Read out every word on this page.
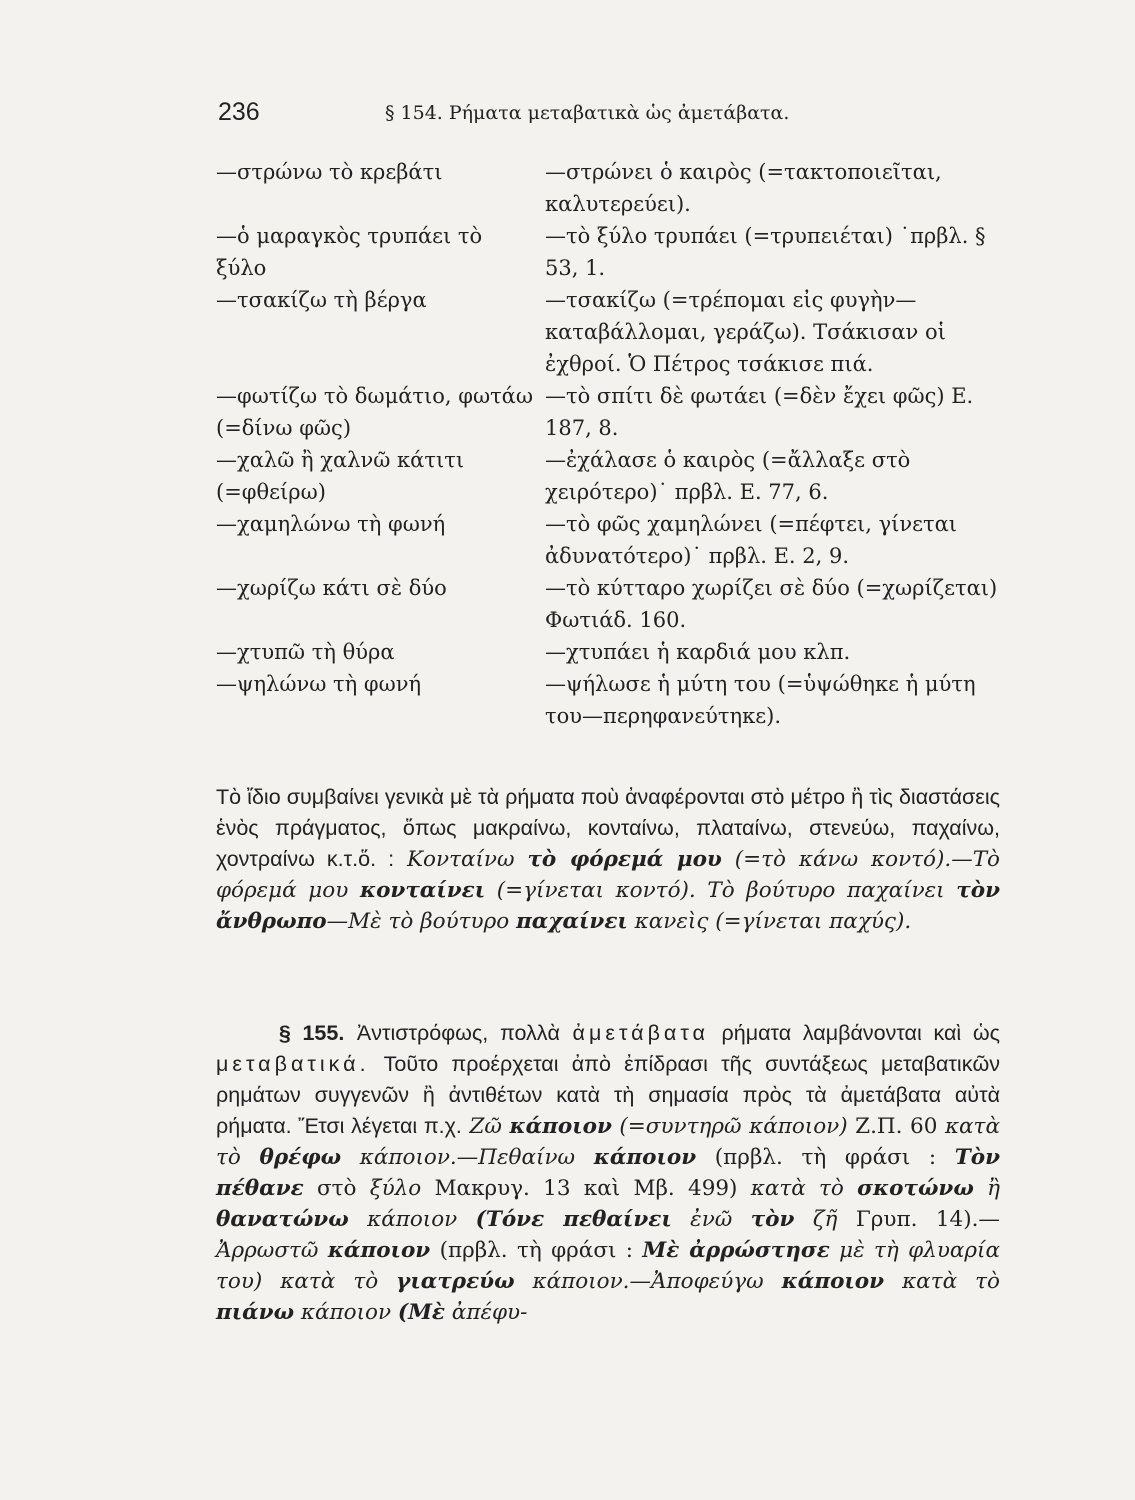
236	§ 154. Ρήματα μεταβατικὰ ὡς ἀμετάβατα.
—στρώνω τὸ κρεβάτι	—στρώνει ὁ καιρὸς (=τακτοποιεῖται, καλυτερεύει).
—ὁ μαραγκὸς τρυπάει τὸ ξύλο	—τὸ ξύλο τρυπάει (=τρυπειέται) ˙πρβλ. § 53, 1.
—τσακίζω τὴ βέργα	—τσακίζω (=τρέπομαι εἰς φυγὴν—καταβάλλομαι, γεράζω). Τσάκισαν οἱ ἐχθροί. Ὁ Πέτρος τσάκισε πιά.
—φωτίζω τὸ δωμάτιο, φωτάω (=δίνω φῶς)	—τὸ σπίτι δὲ φωτάει (=δὲν ἔχει φῶς) Ε. 187, 8.
—χαλῶ ἢ χαλνῶ κάτιτι (=φθείρω)	—ἐχάλασε ὁ καιρὸς (=ἄλλαξε στὸ χειρότερο)˙ πρβλ. Ε. 77, 6.
—χαμηλώνω τὴ φωνή	—τὸ φῶς χαμηλώνει (=πέφτει, γίνεται ἀδυνατότερο)˙ πρβλ. Ε. 2, 9.
—χωρίζω κάτι σὲ δύο	—τὸ κύτταρο χωρίζει σὲ δύο (=χωρίζεται) Φωτιάδ. 160.
—χτυπῶ τὴ θύρα	—χτυπάει ἡ καρδιά μου κλπ.
—ψηλώνω τὴ φωνή	—ψήλωσε ἡ μύτη του (=ὑψώθηκε ἡ μύτη του—περηφανεύτηκε).

Τὸ ἴδιο συμβαίνει γενικὰ μὲ τὰ ρήματα ποὺ ἀναφέρονται στὸ μέτρο ἢ τὶς διαστάσεις ἑνὸς πράγματος, ὅπως μακραίνω, κονταίνω, πλαταίνω, στενεύω, παχαίνω, χοντραίνω κ.τ.ὅ. : Κονταίνω τὸ φόρεμά μου (=τὸ κάνω κοντό).—Τὸ φόρεμά μου κονταίνει (=γίνεται κοντό). Τὸ βούτυρο παχαίνει τὸν ἄνθρωπο—Μὲ τὸ βούτυρο παχαίνει κανεὶς (=γίνεται παχύς).

§ 155. Ἀντιστρόφως, πολλὰ ἀμετάβατα ρήματα λαμβάνονται καὶ ὡς μεταβατικά. Τοῦτο προέρχεται ἀπὸ ἐπίδρασι τῆς συντάξεως μεταβατικῶν ρημάτων συγγενῶν ἢ ἀντιθέτων κατὰ τὴ σημασία πρὸς τὰ ἀμετάβατα αὐτὰ ρήματα. Ἔτσι λέγεται π.χ. Ζῶ κάποιον (=συντηρῶ κάποιον) Ζ.Π. 60 κατὰ τὸ θρέφω κάποιον.—Πεθαίνω κάποιον (πρβλ. τὴ φράσι : Τὸν πέθανε στὸ ξύλο Μακρυγ. 13 καὶ Μβ. 499) κατὰ τὸ σκοτώνω ἢ θανατώνω κάποιον (Τόνε πεθαίνει ἐνῶ τὸν ζῆ Γρυπ. 14).—Ἀρρωστῶ κάποιον (πρβλ. τὴ φράσι : Μὲ ἀρρώστησε μὲ τὴ φλυαρία του) κατὰ τὸ γιατρεύω κάποιον.—Ἀποφεύγω κάποιον κατὰ τὸ πιάνω κάποιον (Μὲ ἀπέφυ-
